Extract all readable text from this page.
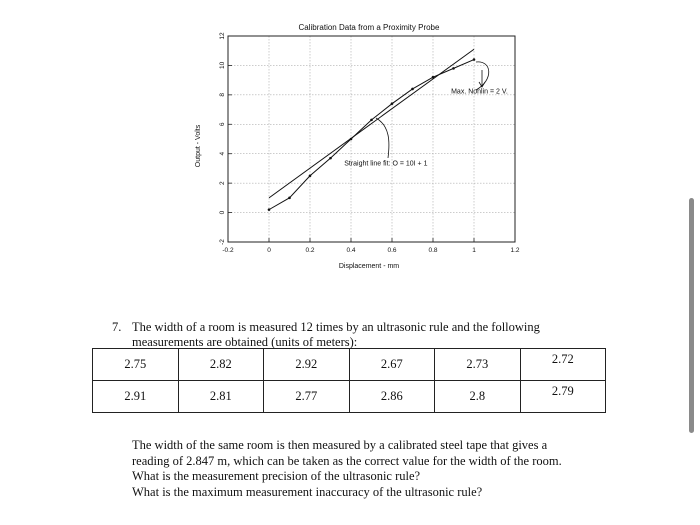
Calibration Data from a Proximity Probe
-2
0
2
4
6
8
10
12
-0.2	0	0.2	0.4	0.6	0.8	1	1.2
Output - Volts
Displacement - mm
Max. Nonlin = 2 V.
Straight line fit: O = 10I + 1

7. The width of a room is measured 12 times by an ultrasonic rule and the following
measurements are obtained (units of meters):

2.75	2.82	2.92	2.67	2.73	2.72
2.91	2.81	2.77	2.86	2.8	2.79

The width of the same room is then measured by a calibrated steel tape that gives a
reading of 2.847 m, which can be taken as the correct value for the width of the room.
What is the measurement precision of the ultrasonic rule?
What is the maximum measurement inaccuracy of the ultrasonic rule?
